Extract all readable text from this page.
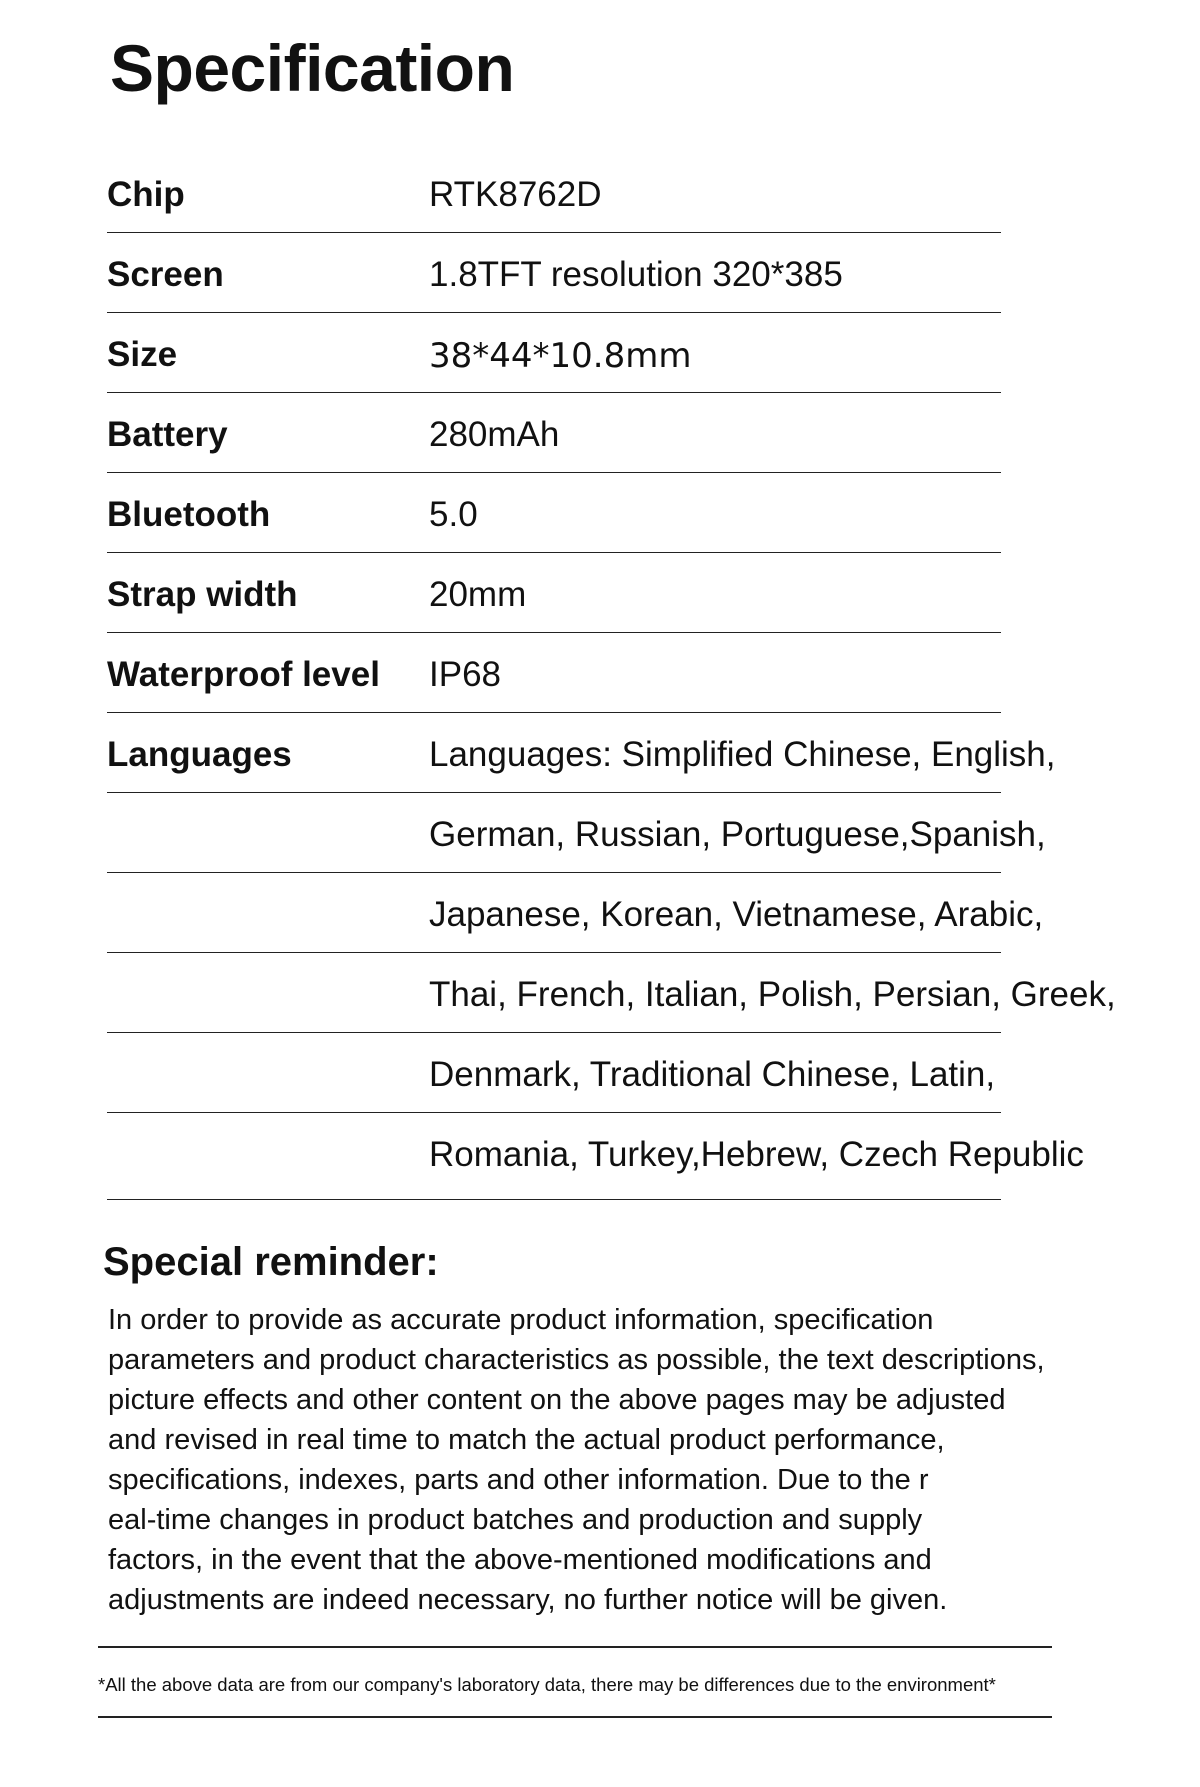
Specification
Chip	RTK8762D
Screen	1.8TFT resolution 320*385
Size	38*44*10.8mm
Battery	280mAh
Bluetooth	5.0
Strap width	20mm
Waterproof level IP68
Languages	Languages: Simplified Chinese, English,
German, Russian, Portuguese,Spanish,
Japanese, Korean, Vietnamese, Arabic,
Thai, French, Italian, Polish, Persian, Greek,
Denmark, Traditional Chinese, Latin,
Romania, Turkey,Hebrew, Czech Republic
Special reminder:
In order to provide as accurate product information, specification
parameters and product characteristics as possible, the text descriptions,
picture effects and other content on the above pages may be adjusted
and revised in real time to match the actual product performance,
specifications, indexes, parts and other information. Due to the r
eal-time changes in product batches and production and supply
factors, in the event that the above-mentioned modifications and
adjustments are indeed necessary, no further notice will be given.
*All the above data are from our company's laboratory data, there may be differences due to the environment*
